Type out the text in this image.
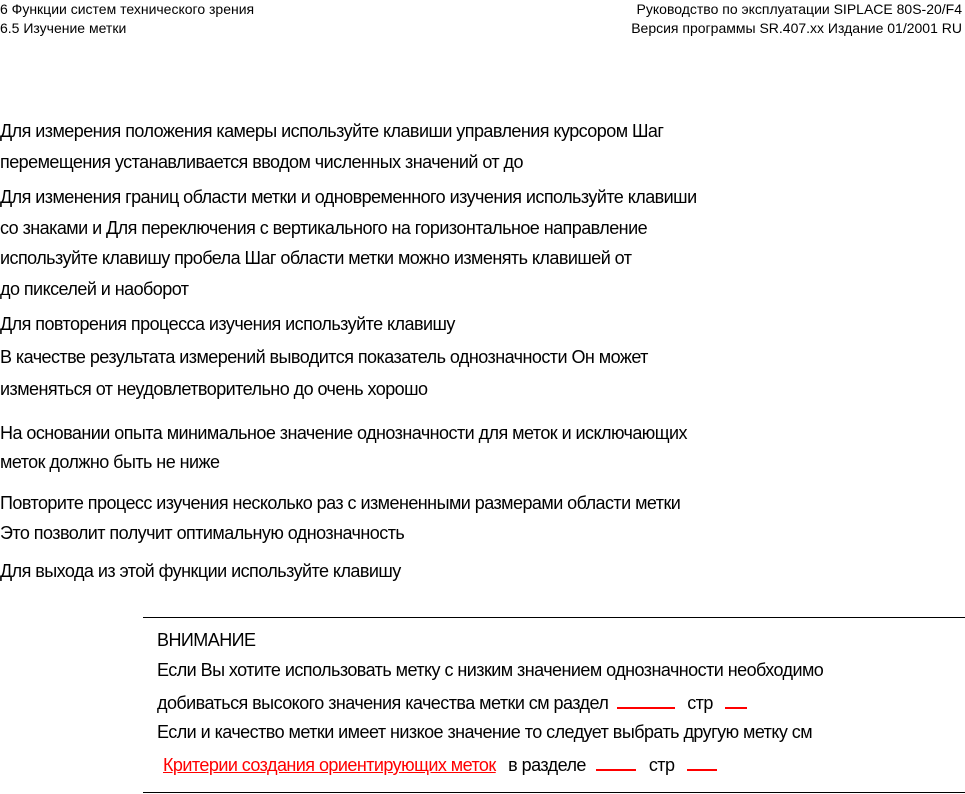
6 Функции систем технического зрения
6.5 Изучение метки
Руководство по эксплуатации SIPLACE 80S-20/F4
Версия программы SR.407.xx Издание 01/2001 RU
Для измерения положения камеры используйте клавиши управления курсором Шаг
перемещения устанавливается вводом численных значений от до
Для изменения границ области метки и одновременного изучения используйте клавиши
со знаками и Для переключения с вертикального на горизонтальное направление
используйте клавишу пробела Шаг области метки можно изменять клавишей от
до пикселей и наоборот
Для повторения процесса изучения используйте клавишу
В качестве результата измерений выводится показатель однозначности Он может
изменяться от неудовлетворительно до очень хорошо
На основании опыта минимальное значение однозначности для меток и исключающих
меток должно быть не ниже
Повторите процесс изучения несколько раз с измененными размерами области метки
Это позволит получит оптимальную однозначность
Для выхода из этой функции используйте клавишу
ВНИМАНИЕ
Если Вы хотите использовать метку с низким значением однозначности необходимо
добиваться высокого значения качества метки см раздел	стр
Если и качество метки имеет низкое значение то следует выбрать другую метку см
Критерии создания ориентирующих меток в разделе	стр
